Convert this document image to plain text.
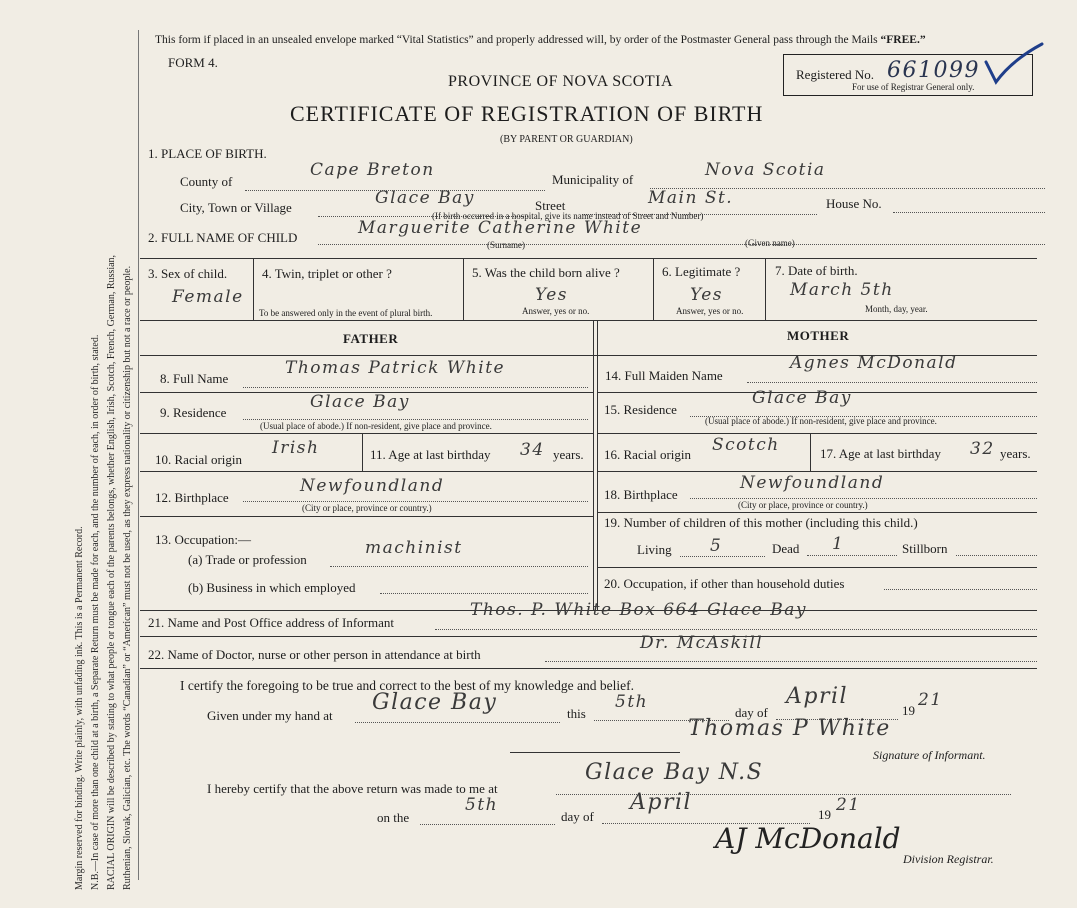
Margin reserved for binding. Write plainly, with unfading ink. This is a Permanent Record. N.B.—In case of more than one child at a birth, a Separate Return must be made for each, and the number of each, in order of birth, stated. RACIAL ORIGIN will be described by stating to what people or tongue each of the parents belongs, whether English, Irish, Scotch, French, German, Russian, Ruthenian, Slovak, Galician, etc. The words “Canadian” or “American” must not be used, as they express nationality or citizenship but not a race or people.
This form if placed in an unsealed envelope marked “Vital Statistics” and properly addressed will, by order of the Postmaster General pass through the Mails “FREE.”
FORM 4.
PROVINCE OF NOVA SCOTIA
CERTIFICATE OF REGISTRATION OF BIRTH
(BY PARENT OR GUARDIAN)
Registered No. 661099
For use of Registrar General only.
1. PLACE OF BIRTH.
County of
Cape Breton	Municipality of	Nova Scotia
City, Town or Village	Glace Bay	Street	Main St.	House No.
(If birth occurred in a hospital, give its name instead of Street and Number)
2. FULL NAME OF CHILD	Marguerite Catherine White
(Surname)	(Given name)
3. Sex of child.
Female
4. Twin, triplet or other ?
To be answered only in the event of plural birth.
5. Was the child born alive ?
Yes
Answer, yes or no.
6. Legitimate ?
Yes
Answer, yes or no.
7. Date of birth.
March 5th
Month, day, year.
FATHER	MOTHER
8. Full Name
Thomas Patrick White
9. Residence
Glace Bay
(Usual place of abode.) If non-resident, give place and province.
10. Racial origin
Irish	11. Age at last birthday 34 years.
12. Birthplace
Newfoundland
(City or place, province or country.)
13. Occupation:—
(a) Trade or profession
machinist
(b) Business in which employed
14. Full Maiden Name
Agnes McDonald
15. Residence
Glace Bay
(Usual place of abode.) If non-resident, give place and province.
16. Racial origin Scotch	17. Age at last birthday 32 years.
18. Birthplace
Newfoundland
(City or place, province or country.)
19. Number of children of this mother (including this child.)
Living 5	Dead 1	Stillborn
20. Occupation, if other than household duties
21. Name and Post Office address of Informant
Thos. P. White Box 664 Glace Bay
22. Name of Doctor, nurse or other person in attendance at birth
Dr. McAskill
I certify the foregoing to be true and correct to the best of my knowledge and belief.
Given under my hand at
Glace Bay	this
5th
day of
April
19
21
Thomas P White
Signature of Informant.
I hereby certify that the above return was made to me at
Glace Bay N.S
on the
5th
day of
April	19 21
AJ McDonald
Division Registrar.
